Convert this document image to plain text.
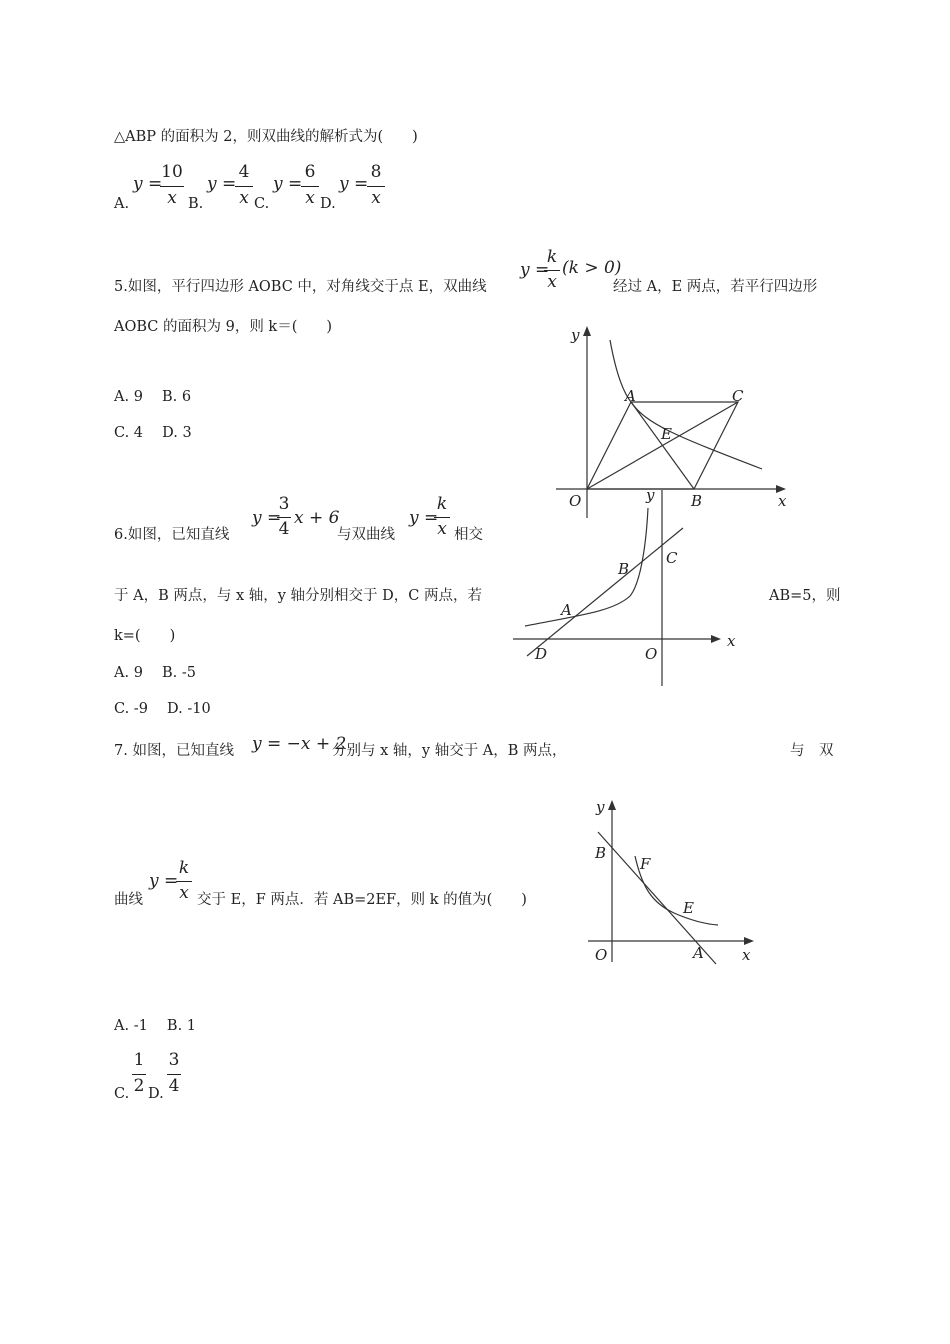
△ABP 的面积为 2，则双曲线的解析式为(　　)
A.
y =
10
x B.
y =
4
x C.
y =
6
x D.
y =
8
x
5.如图，平行四边形 AOBC 中，对角线交于点 E，双曲线
y =
k
x
(k > 0)
经过 A，E 两点，若平行四边形
AOBC 的面积为 9，则 k＝(　　)
A. 9　 B. 6
C. 4　 D. 3
y
x
O
A	C
E
B
6.如图，已知直线
y =
3
4
x + 6
与双曲线
y =
k
x 相交
于 A，B 两点，与 x 轴，y 轴分别相交于 D，C 两点，若	AB=5，则
k=(　　)
A. 9　 B. -5
C. -9　 D. -10
y
x
O
D
A
B
C
7. 如图，已知直线 y = −x + 2
分别与 x 轴，y 轴交于 A，B 两点，	与　双
曲线
y =
k
x 交于 E，F 两点．若 AB=2EF，则 k 的值为(　　)
y
x
O
B
F
E
A
A. -1　 B. 1
C.
1
2 D.
3
4
